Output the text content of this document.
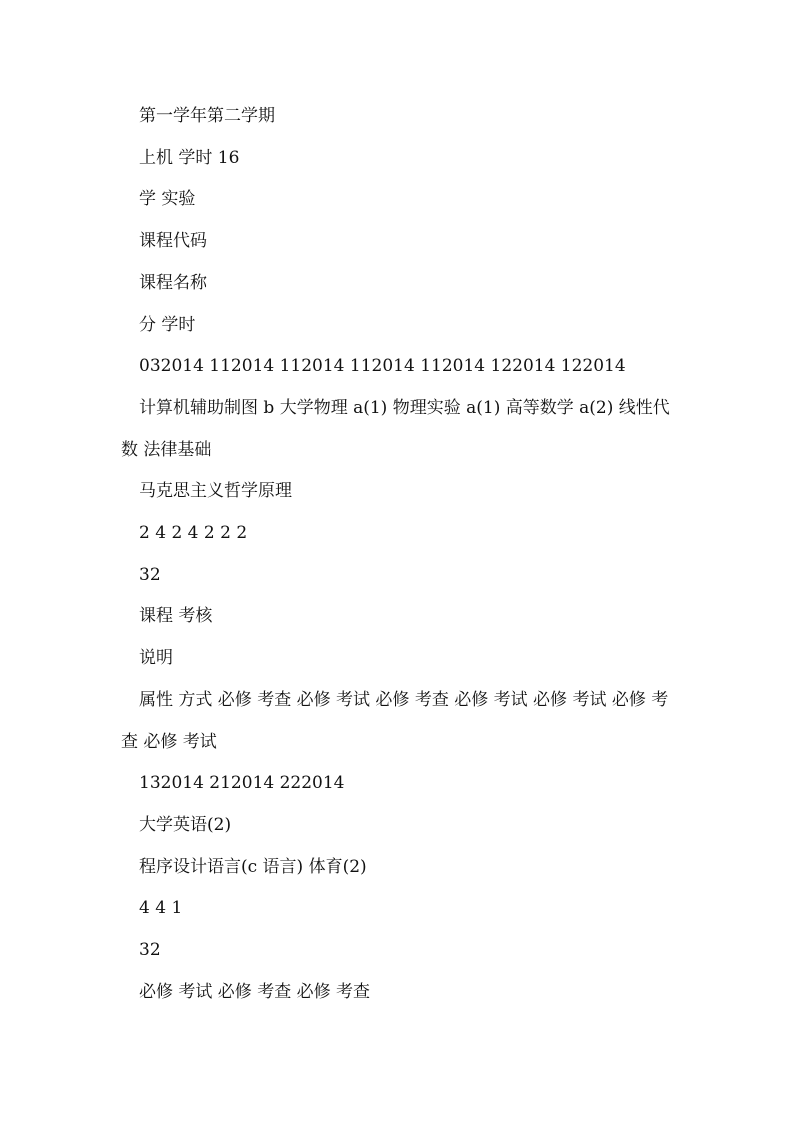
第一学年第二学期

上机 学时 16

学 实验

课程代码

课程名称

分 学时

032014 112014 112014 112014 112014 122014 122014

计算机辅助制图 b 大学物理 a(1) 物理实验 a(1) 高等数学 a(2) 线性代数 法律基础

马克思主义哲学原理

2 4 2 4 2 2 2

32

课程 考核

说明

属性 方式 必修 考查 必修 考试 必修 考查 必修 考试 必修 考试 必修 考查 必修 考试

132014 212014 222014

大学英语(2)

程序设计语言(c 语言) 体育(2)

4 4 1

32

必修 考试 必修 考查 必修 考查
